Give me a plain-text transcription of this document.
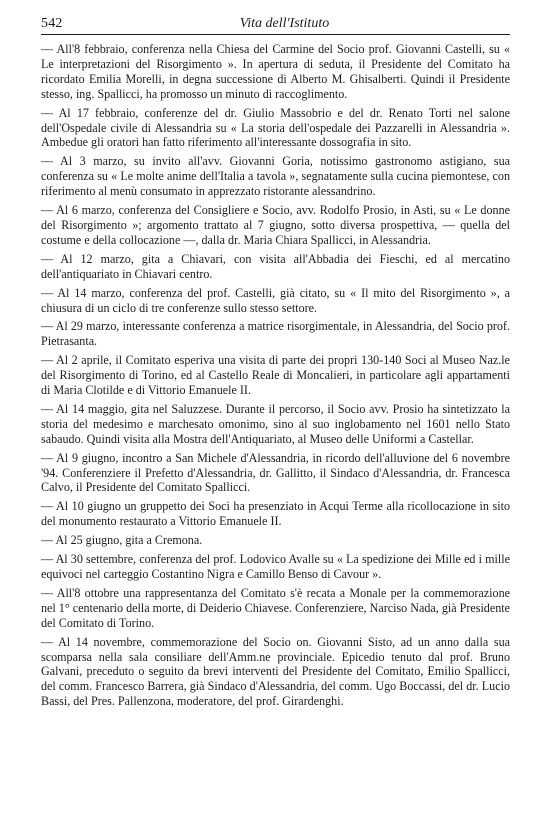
542	Vita dell'Istituto

— All'8 febbraio, conferenza nella Chiesa del Carmine del Socio prof. Giovanni Castelli, su « Le interpretazioni del Risorgimento ». In apertura di seduta, il Presidente del Comitato ha ricordato Emilia Morelli, in degna successione di Alberto M. Ghisalberti. Quindi il Presidente stesso, ing. Spallicci, ha promosso un minuto di raccoglimento.

— Al 17 febbraio, conferenze del dr. Giulio Massobrio e del dr. Renato Torti nel salone dell'Ospedale civile di Alessandria su « La storia dell'ospedale dei Pazzarelli in Alessandria ». Ambedue gli oratori han fatto riferimento all'interessante dossografia in sito.

— Al 3 marzo, su invito all'avv. Giovanni Goria, notissimo gastronomo astigiano, sua conferenza su « Le molte anime dell'Italia a tavola », segnatamente sulla cucina piemontese, con riferimento al menù consumato in apprezzato ristorante alessandrino.

— Al 6 marzo, conferenza del Consigliere e Socio, avv. Rodolfo Prosio, in Asti, su « Le donne del Risorgimento »; argomento trattato al 7 giugno, sotto diversa prospettiva, — quella del costume e della collocazione —, dalla dr. Maria Chiara Spallicci, in Alessandria.

— Al 12 marzo, gita a Chiavari, con visita all'Abbadia dei Fieschi, ed al mercatino dell'antiquariato in Chiavari centro.

— Al 14 marzo, conferenza del prof. Castelli, già citato, su « Il mito del Risorgimento », a chiusura di un ciclo di tre conferenze sullo stesso settore.

— Al 29 marzo, interessante conferenza a matrice risorgimentale, in Alessandria, del Socio prof. Pietrasanta.

— Al 2 aprile, il Comitato esperiva una visita di parte dei propri 130-140 Soci al Museo Naz.le del Risorgimento di Torino, ed al Castello Reale di Moncalieri, in particolare agli appartamenti di Maria Clotilde e di Vittorio Emanuele II.

— Al 14 maggio, gita nel Saluzzese. Durante il percorso, il Socio avv. Prosio ha sintetizzato la storia del medesimo e marchesato omonimo, sino al suo inglobamento nel 1601 nello Stato sabaudo. Quindi visita alla Mostra dell'Antiquariato, al Museo delle Uniformi a Castellar.

— Al 9 giugno, incontro a San Michele d'Alessandria, in ricordo dell'alluvione del 6 novembre '94. Conferenziere il Prefetto d'Alessandria, dr. Gallitto, il Sindaco d'Alessandria, dr. Francesca Calvo, il Presidente del Comitato Spallicci.

— Al 10 giugno un gruppetto dei Soci ha presenziato in Acqui Terme alla ricollocazione in sito del monumento restaurato a Vittorio Emanuele II.

— Al 25 giugno, gita a Cremona.

— Al 30 settembre, conferenza del prof. Lodovico Avalle su « La spedizione dei Mille ed i mille equivoci nel carteggio Costantino Nigra e Camillo Benso di Cavour ».

— All'8 ottobre una rappresentanza del Comitato s'è recata a Monale per la commemorazione nel 1° centenario della morte, di Deiderio Chiavese. Conferenziere, Narciso Nada, già Presidente del Comitato di Torino.

— Al 14 novembre, commemorazione del Socio on. Giovanni Sisto, ad un anno dalla sua scomparsa nella sala consiliare dell'Amm.ne provinciale. Epicedio tenuto dal prof. Bruno Galvani, preceduto o seguito da brevi interventi del Presidente del Comitato, Emilio Spallicci, del comm. Francesco Barrera, già Sindaco d'Alessandria, del comm. Ugo Boccassi, del dr. Lucio Bassi, del Pres. Pallenzona, moderatore, del prof. Girardenghi.
